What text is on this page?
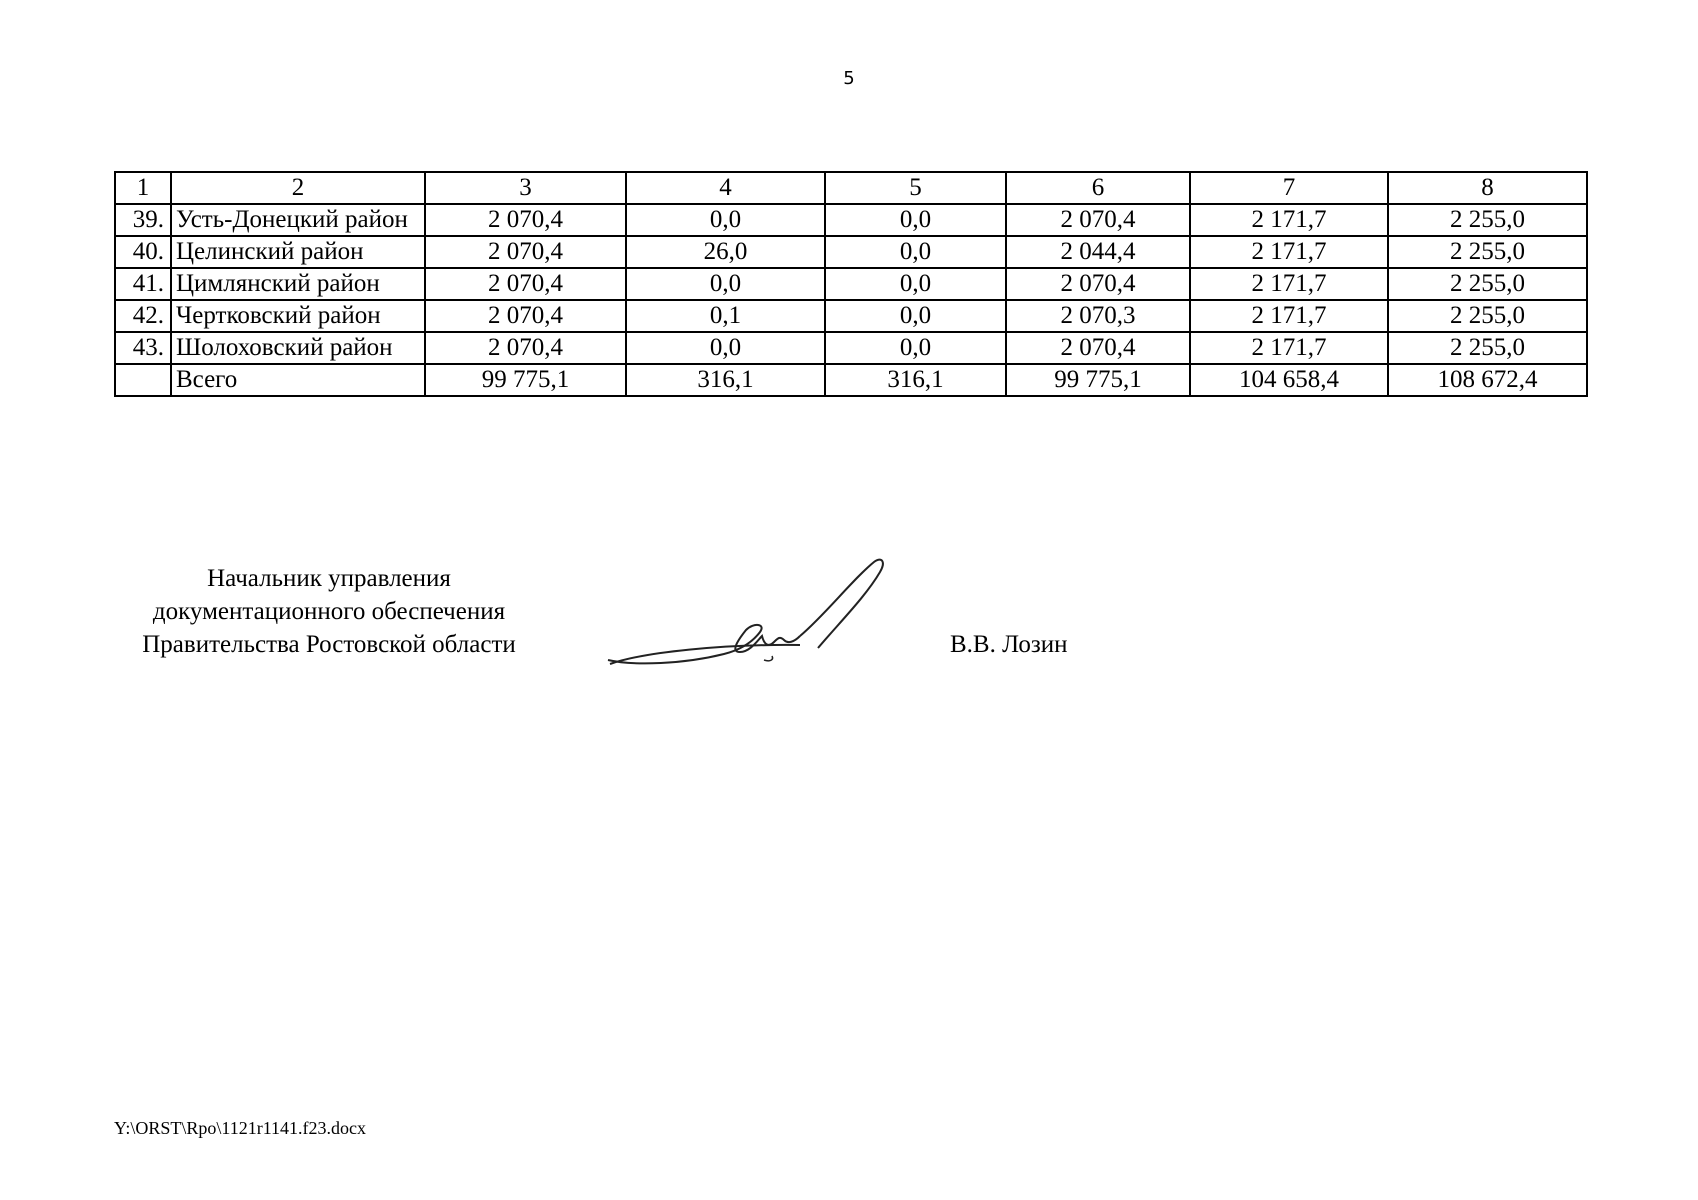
5
1	2	3	4	5	6	7	8
39.	Усть-Донецкий район	2 070,4	0,0	0,0	2 070,4	2 171,7	2 255,0
40.	Целинский район	2 070,4	26,0	0,0	2 044,4	2 171,7	2 255,0
41.	Цимлянский район	2 070,4	0,0	0,0	2 070,4	2 171,7	2 255,0
42.	Чертковский район	2 070,4	0,1	0,0	2 070,3	2 171,7	2 255,0
43.	Шолоховский район	2 070,4	0,0	0,0	2 070,4	2 171,7	2 255,0
	Всего	99 775,1	316,1	316,1	99 775,1	104 658,4	108 672,4
Начальник управления
документационного обеспечения
Правительства Ростовской области	В.В. Лозин
Y:\ORST\Rpo\1121r1141.f23.docx
